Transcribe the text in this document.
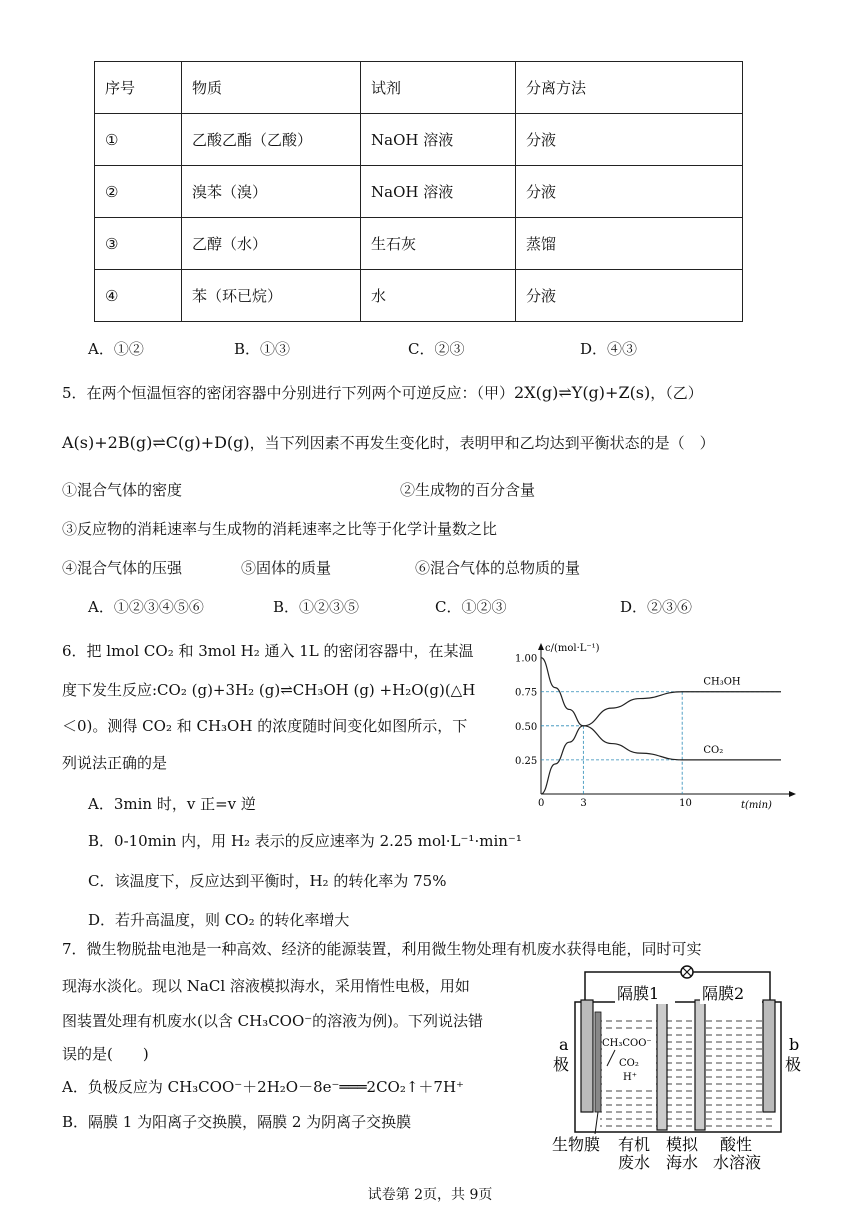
序号	物质	试剂	分离方法
①	乙酸乙酯（乙酸）	NaOH 溶液	分液
②	溴苯（溴）	NaOH 溶液	分液
③	乙醇（水）	生石灰	蒸馏
④	苯（环已烷）	水	分液
A．①②	B．①③	C．②③	D．④③
5．在两个恒温恒容的密闭容器中分别进行下列两个可逆反应：（甲）2X(g)⇌Y(g)+Z(s)，（乙）
A(s)+2B(g)⇌C(g)+D(g)，当下列因素不再发生变化时，表明甲和乙均达到平衡状态的是（　）
①混合气体的密度	②生成物的百分含量
③反应物的消耗速率与生成物的消耗速率之比等于化学计量数之比
④混合气体的压强	⑤固体的质量	⑥混合气体的总物质的量
A．①②③④⑤⑥	B．①②③⑤	C．①②③	D．②③⑥
6．把 lmol CO₂ 和 3mol H₂ 通入 1L 的密闭容器中，在某温
度下发生反应:CO₂ (g)+3H₂ (g)⇌CH₃OH (g) +H₂O(g)(△H
＜0)。测得 CO₂ 和 CH₃OH 的浓度随时间变化如图所示，下
列说法正确的是
A．3min 时，v 正=v 逆
B．0-10min 内，用 H₂ 表示的反应速率为 2.25 mol·L⁻¹·min⁻¹
C．该温度下，反应达到平衡时，H₂ 的转化率为 75%
D．若升高温度，则 CO₂ 的转化率增大
c/(mol·L⁻¹)
t(min)
0.25
0.50
0.75
1.00
0	3	10
CH₃OH
CO₂
7．微生物脱盐电池是一种高效、经济的能源装置，利用微生物处理有机废水获得电能，同时可实
现海水淡化。现以 NaCl 溶液模拟海水，采用惰性电极，用如
图装置处理有机废水(以含 CH₃COO⁻的溶液为例)。下列说法错
误的是(　　)
A．负极反应为 CH₃COO⁻＋2H₂O－8e⁻═══2CO₂↑＋7H⁺
B．隔膜 1 为阳离子交换膜，隔膜 2 为阴离子交换膜
隔膜1	隔膜2
a
极
b
极
CH₃COO⁻
CO₂
H⁺
生物膜 有机
废水
模拟
海水
酸性
水溶液
试卷第 2页，共 9页
